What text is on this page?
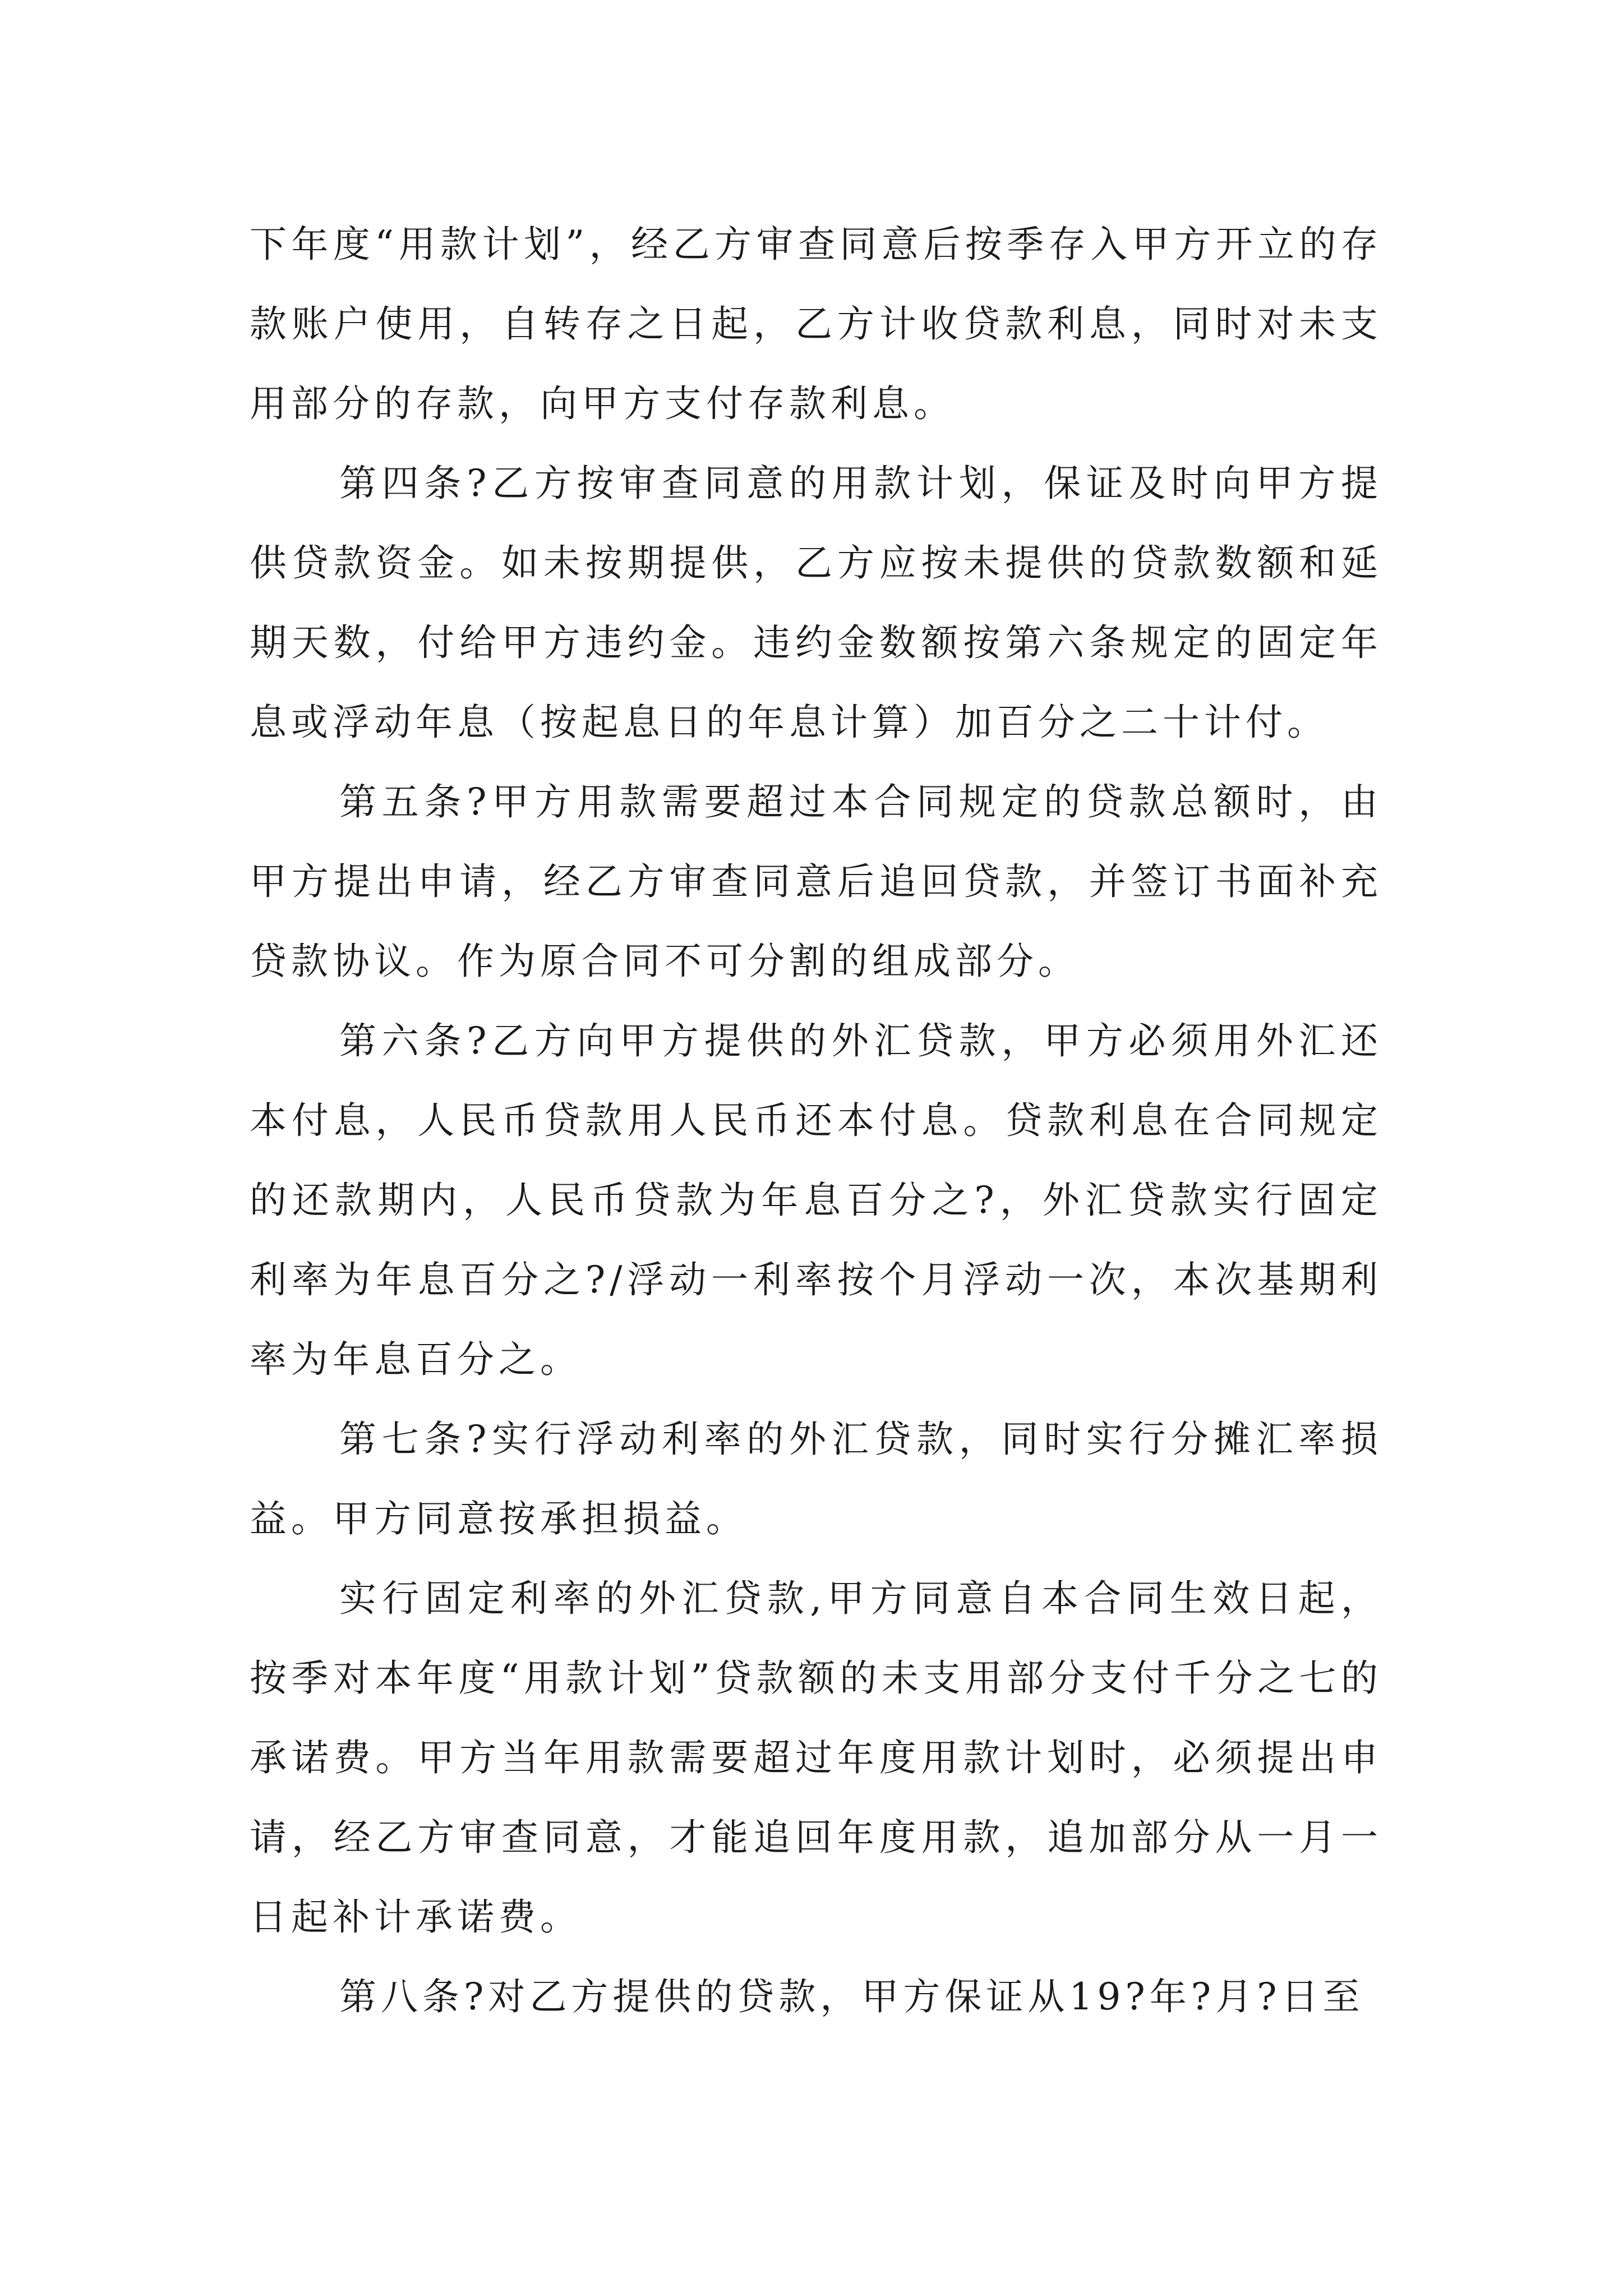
下年度“用款计划”，经乙方审查同意后按季存入甲方开立的存款账户使用，自转存之日起，乙方计收贷款利息，同时对未支用部分的存款，向甲方支付存款利息。

第四条?乙方按审查同意的用款计划，保证及时向甲方提供贷款资金。如未按期提供，乙方应按未提供的贷款数额和延期天数，付给甲方违约金。违约金数额按第六条规定的固定年息或浮动年息（按起息日的年息计算）加百分之二十计付。

第五条?甲方用款需要超过本合同规定的贷款总额时，由甲方提出申请，经乙方审查同意后追回贷款，并签订书面补充贷款协议。作为原合同不可分割的组成部分。

第六条?乙方向甲方提供的外汇贷款，甲方必须用外汇还本付息，人民币贷款用人民币还本付息。贷款利息在合同规定的还款期内，人民币贷款为年息百分之?，外汇贷款实行固定利率为年息百分之?/浮动一利率按个月浮动一次，本次基期利率为年息百分之。

第七条?实行浮动利率的外汇贷款，同时实行分摊汇率损益。甲方同意按承担损益。

实行固定利率的外汇贷款,甲方同意自本合同生效日起，按季对本年度“用款计划”贷款额的未支用部分支付千分之七的承诺费。甲方当年用款需要超过年度用款计划时，必须提出申请，经乙方审查同意，才能追回年度用款，追加部分从一月一日起补计承诺费。

第八条?对乙方提供的贷款，甲方保证从19?年?月?日至
